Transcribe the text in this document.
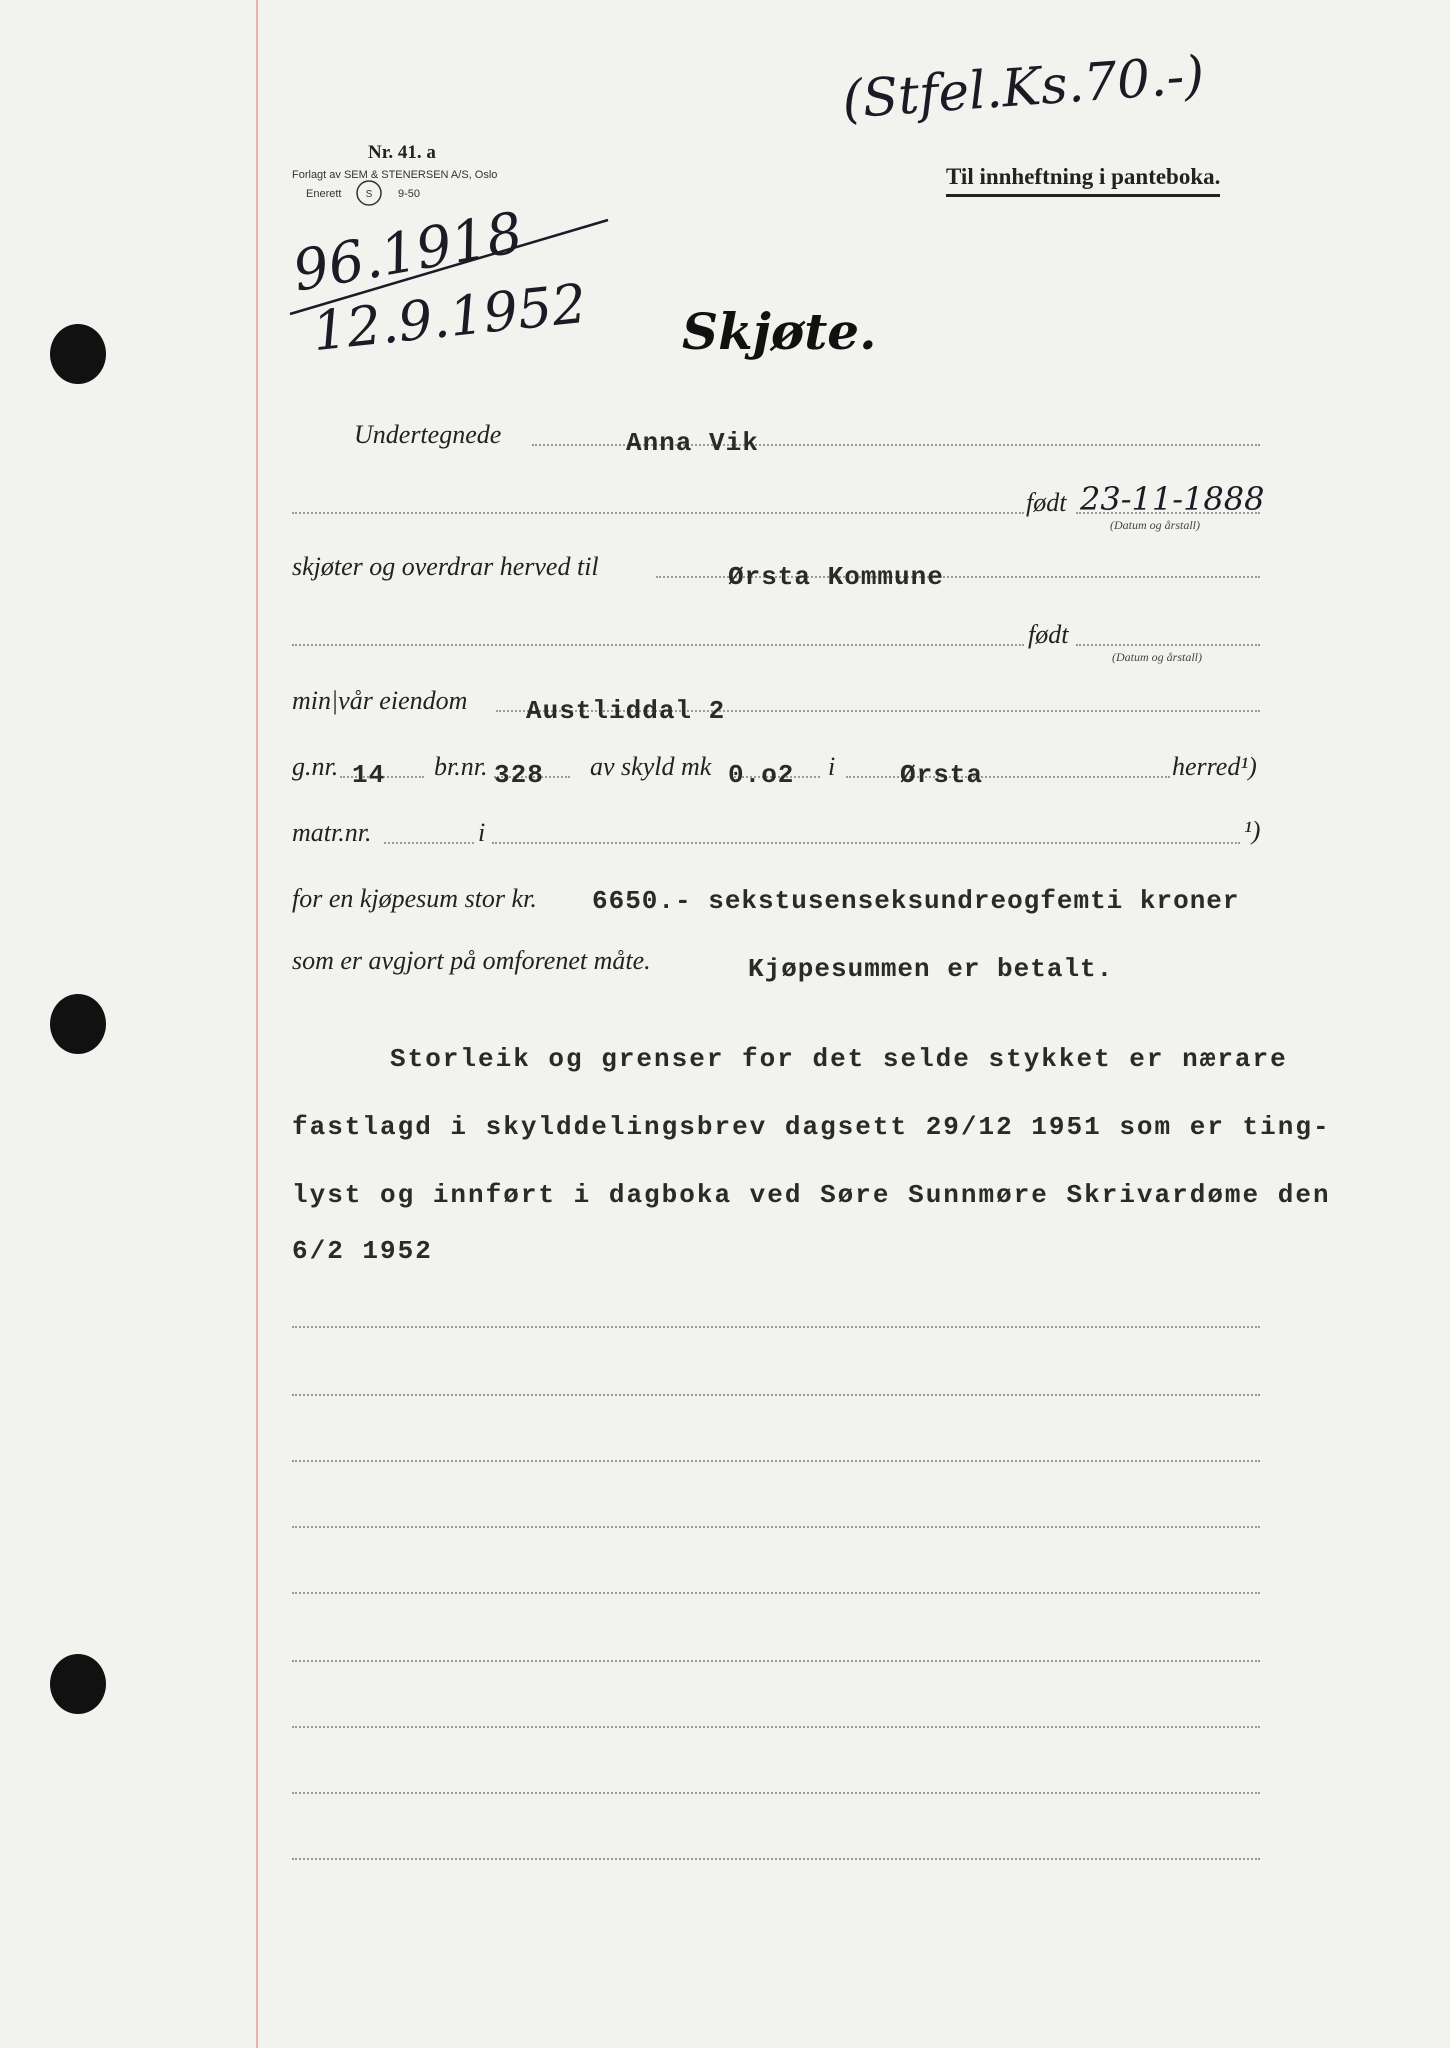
(Stfel.Ks.70.-)
Nr. 41. a
Forlagt av SEM & STENERSEN A/S, Oslo
Enerett S 9-50
Til innheftning i panteboka.
96.1918
12.9.1952 Skjøte.
Undertegnede	Anna Vik
født 23-11-1888
(Datum og årstall)
skjøter og overdrar herved til	Ørsta Kommune
født
(Datum og årstall)
min|vår eiendom Austliddal 2
g.nr. 14 br.nr. 328 av skyld mk 0.o2 i Ørsta	herred¹)
matr.nr.	i	¹)
for en kjøpesum stor kr. 6650.- sekstusenseksundreogfemti kroner
som er avgjort på omforenet måte.	Kjøpesummen er betalt.
Storleik og grenser for det selde stykket er nærare
fastlagd i skylddelingsbrev dagsett 29/12 1951 som er ting-
lyst og innført i dagboka ved Søre Sunnmøre Skrivardøme den
6/2 1952
